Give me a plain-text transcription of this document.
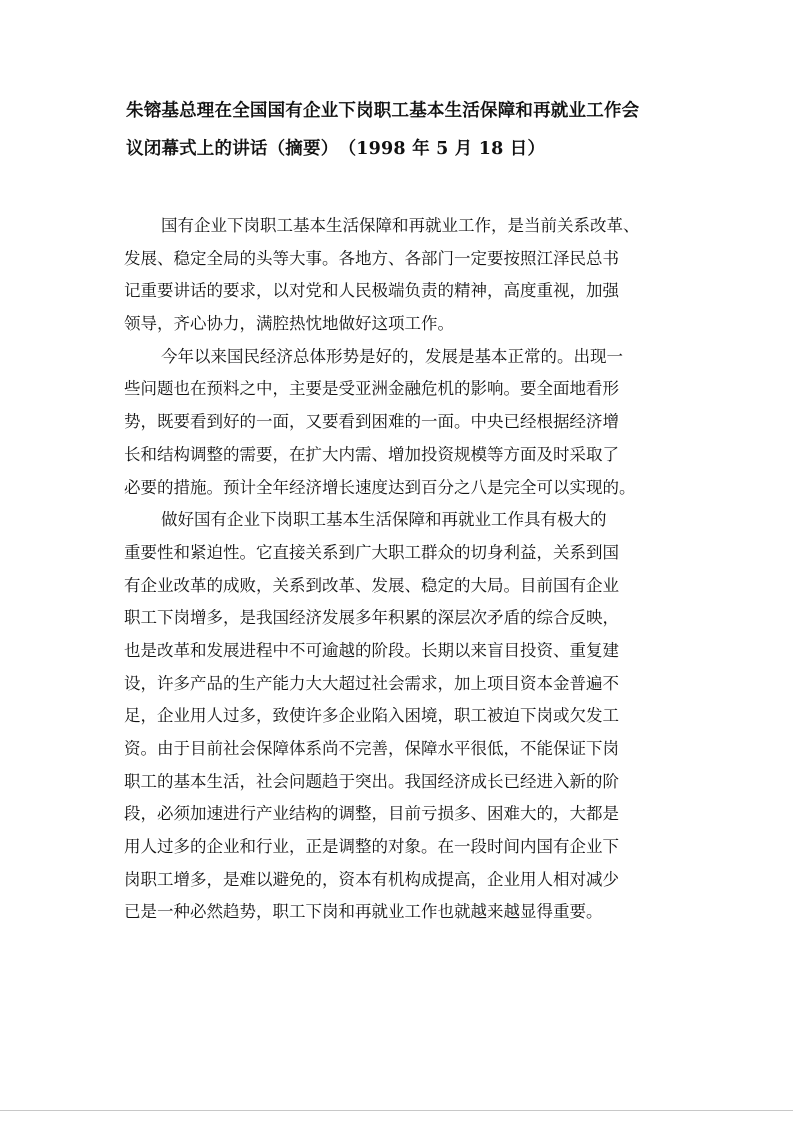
朱镕基总理在全国国有企业下岗职工基本生活保障和再就业工作会
议闭幕式上的讲话（摘要）　（1998 年 5 月 18 日）

国有企业下岗职工基本生活保障和再就业工作，是当前关系改革、
发展、稳定全局的头等大事。各地方、各部门一定要按照江泽民总书
记重要讲话的要求，以对党和人民极端负责的精神，高度重视，加强
领导，齐心协力，满腔热忱地做好这项工作。

今年以来国民经济总体形势是好的，发展是基本正常的。出现一
些问题也在预料之中，主要是受亚洲金融危机的影响。要全面地看形
势，既要看到好的一面，又要看到困难的一面。中央已经根据经济增
长和结构调整的需要，在扩大内需、增加投资规模等方面及时采取了
必要的措施。预计全年经济增长速度达到百分之八是完全可以实现的。

做好国有企业下岗职工基本生活保障和再就业工作具有极大的
重要性和紧迫性。它直接关系到广大职工群众的切身利益，关系到国
有企业改革的成败，关系到改革、发展、稳定的大局。目前国有企业
职工下岗增多，是我国经济发展多年积累的深层次矛盾的综合反映，
也是改革和发展进程中不可逾越的阶段。长期以来盲目投资、重复建
设，许多产品的生产能力大大超过社会需求，加上项目资本金普遍不
足，企业用人过多，致使许多企业陷入困境，职工被迫下岗或欠发工
资。由于目前社会保障体系尚不完善，保障水平很低，不能保证下岗
职工的基本生活，社会问题趋于突出。我国经济成长已经进入新的阶
段，必须加速进行产业结构的调整，目前亏损多、困难大的，大都是
用人过多的企业和行业，正是调整的对象。在一段时间内国有企业下
岗职工增多，是难以避免的，资本有机构成提高，企业用人相对减少
已是一种必然趋势，职工下岗和再就业工作也就越来越显得重要。
